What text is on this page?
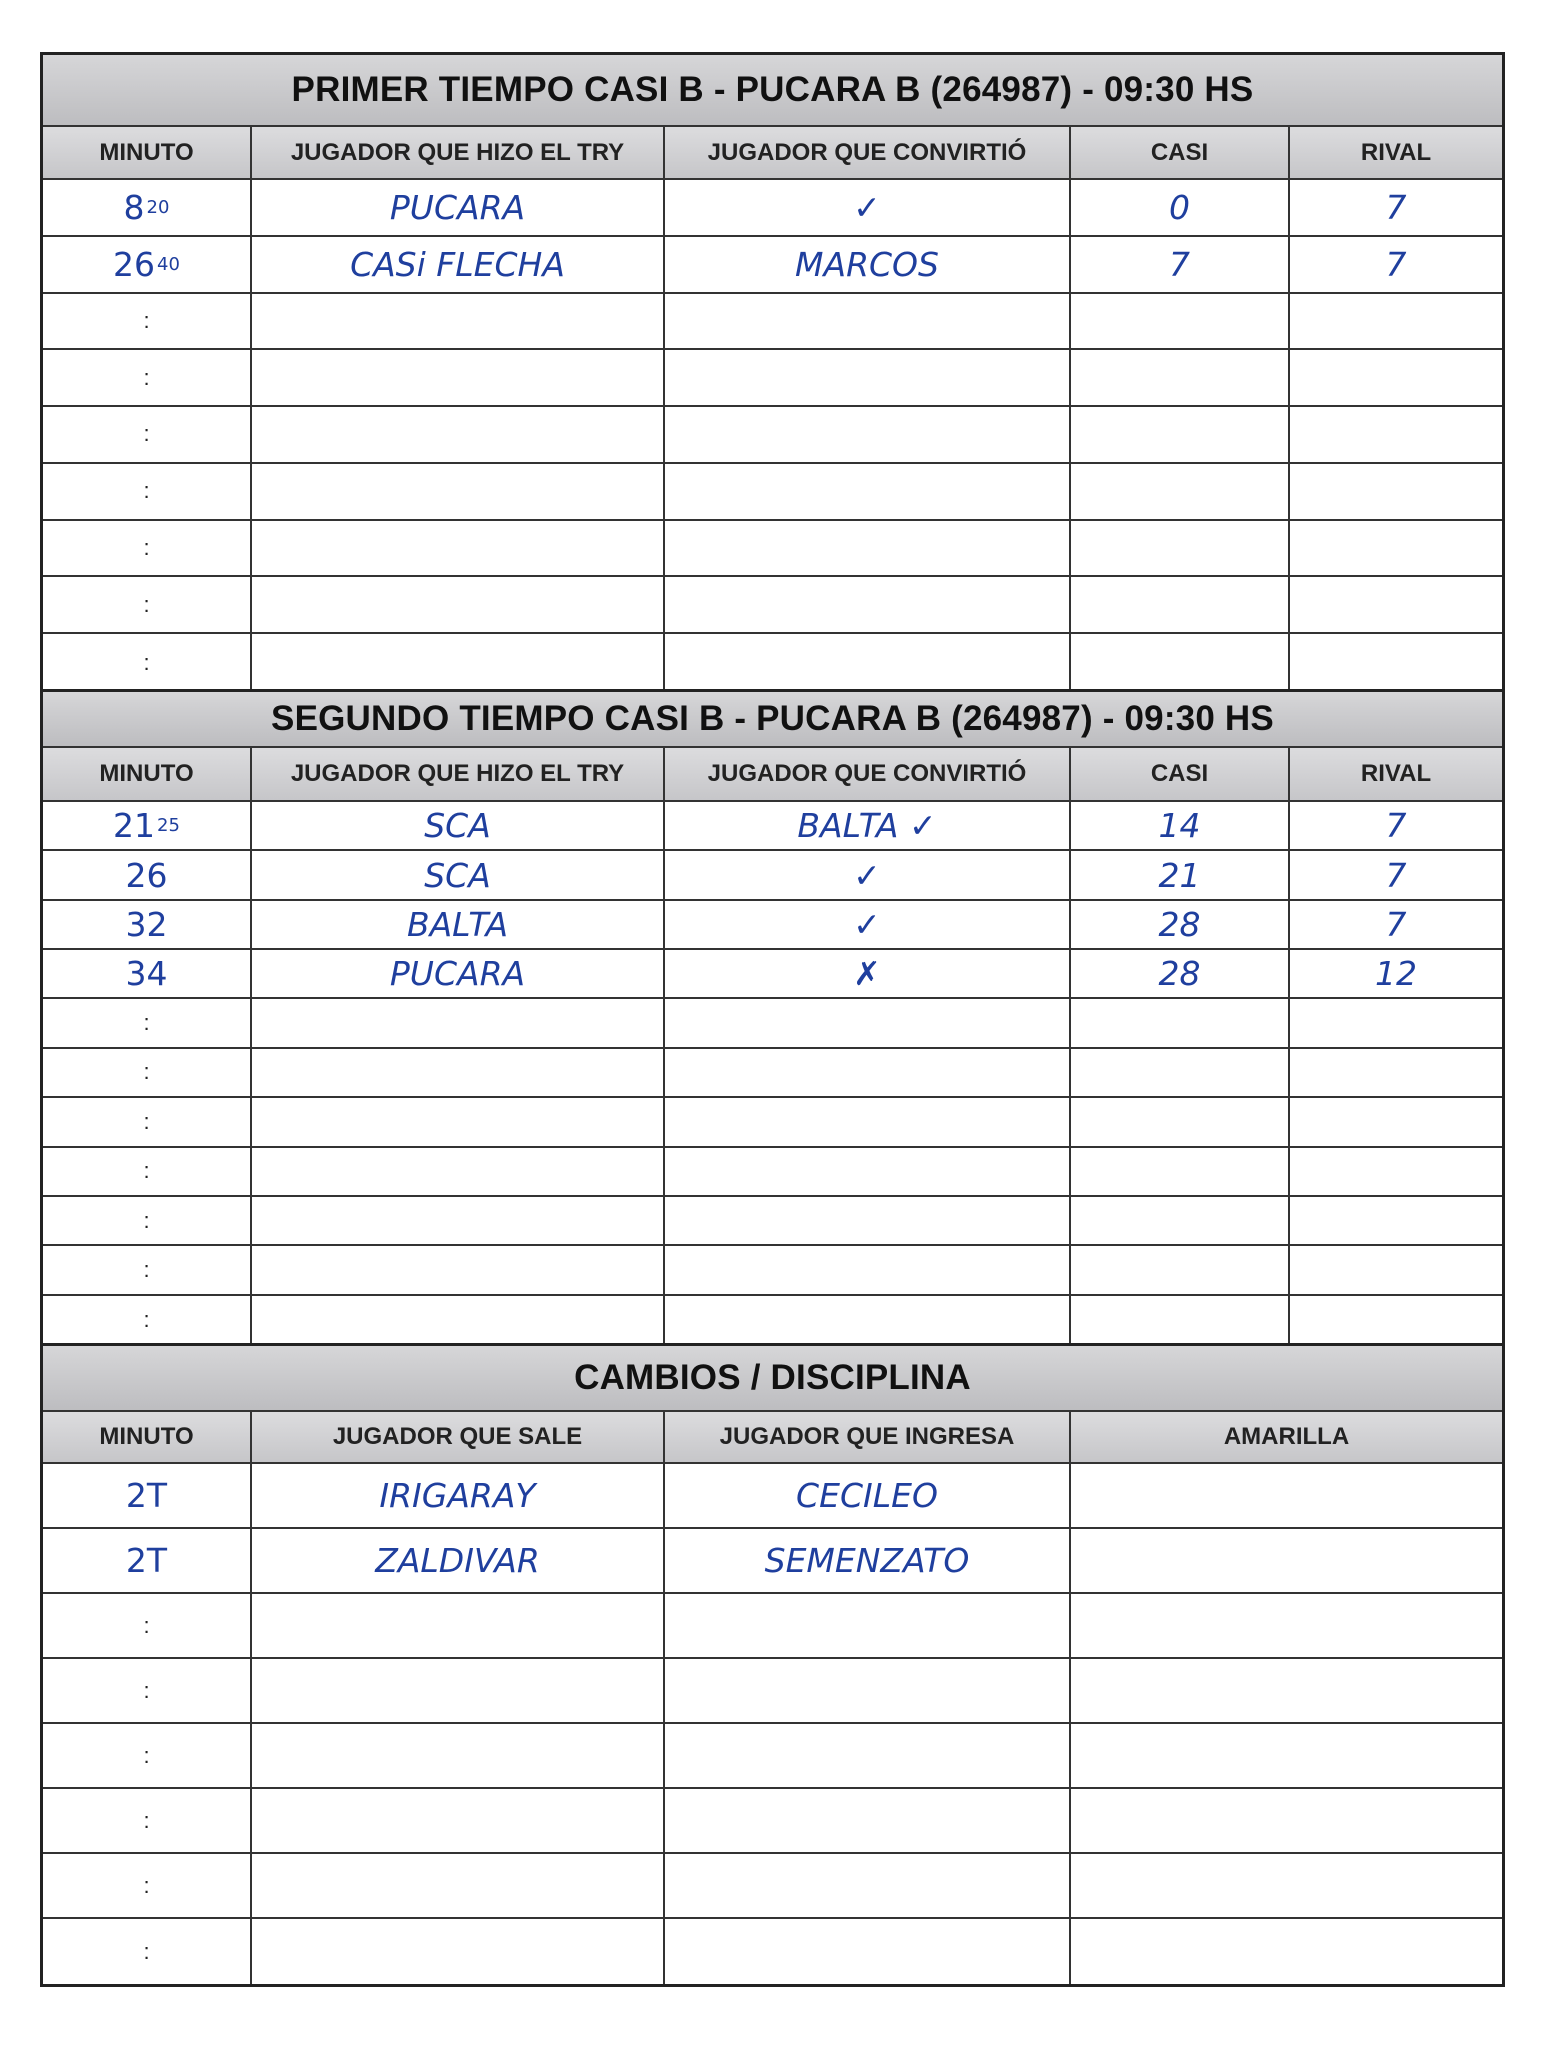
PRIMER TIEMPO CASI B - PUCARA B (264987) - 09:30 HS
MINUTO	JUGADOR QUE HIZO EL TRY	JUGADOR QUE CONVIRTIÓ	CASI	RIVAL
8 20	PUCARA	✓	0	7
26 40	CASi FLECHA	MARCOS	7	7
:
:
:
:
:
:
:
SEGUNDO TIEMPO CASI B - PUCARA B (264987) - 09:30 HS
MINUTO	JUGADOR QUE HIZO EL TRY	JUGADOR QUE CONVIRTIÓ	CASI	RIVAL
21 25	SCA	BALTA ✓	14	7
26	SCA	✓	21	7
32	BALTA	✓	28	7
34	PUCARA	✗	28	12
:
:
:
:
:
:
:
CAMBIOS / DISCIPLINA
MINUTO	JUGADOR QUE SALE	JUGADOR QUE INGRESA	AMARILLA
2T	IRIGARAY	CECILEO
2T	ZALDIVAR	SEMENZATO
:
:
:
:
:
:
